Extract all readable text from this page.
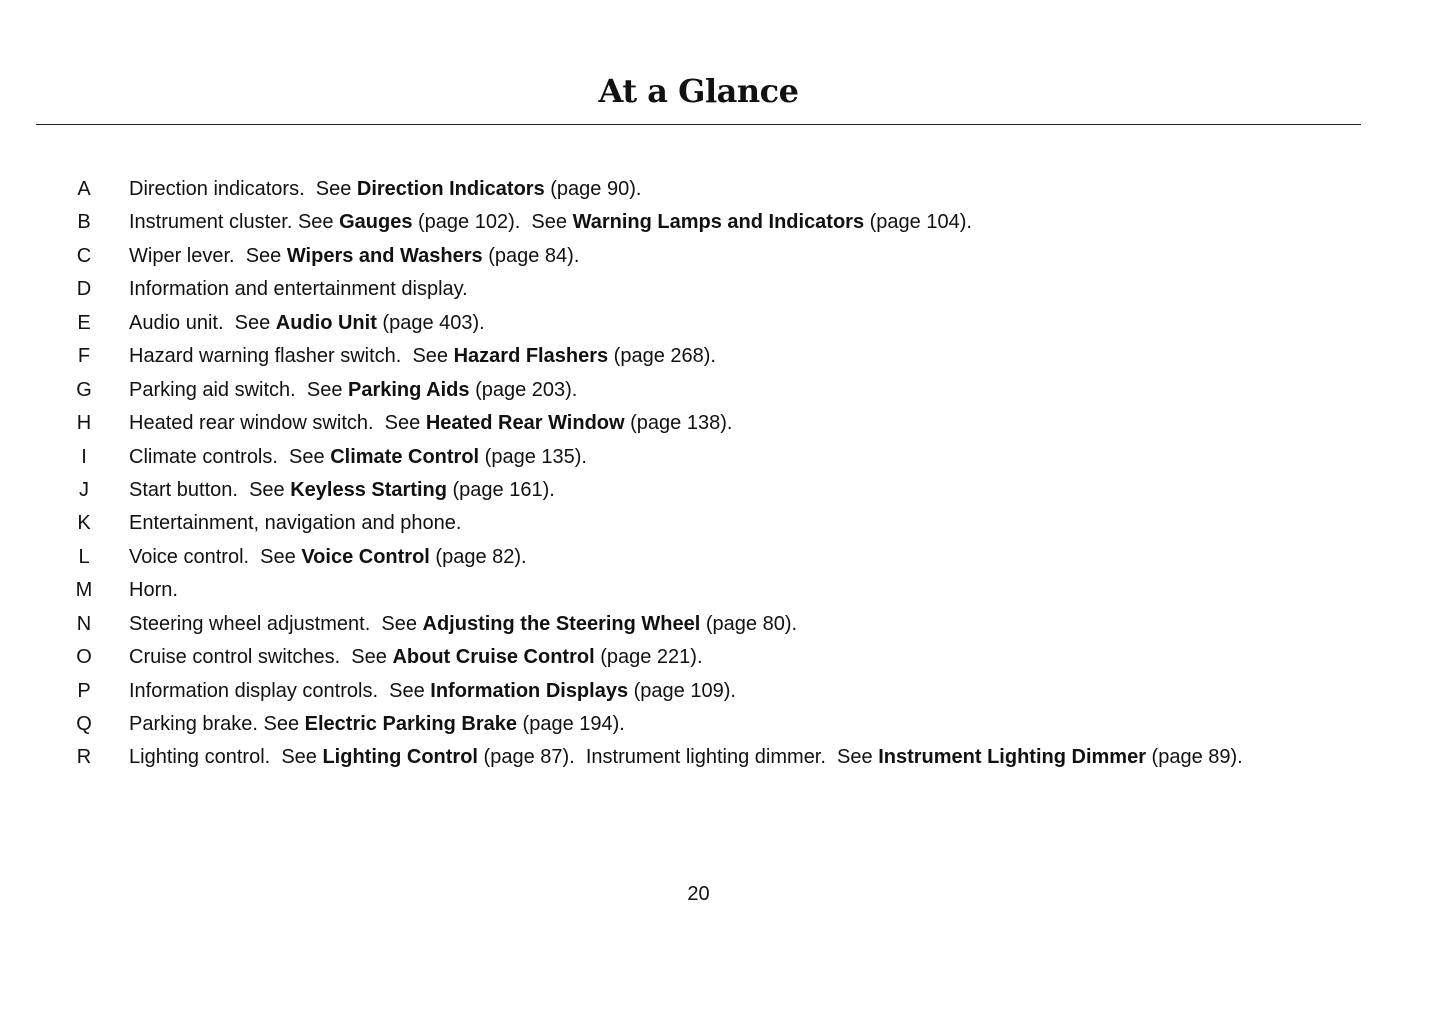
At a Glance
A Direction indicators.  See Direction Indicators (page 90).
B Instrument cluster. See Gauges (page 102).  See Warning Lamps and Indicators (page 104).
C Wiper lever.  See Wipers and Washers (page 84).
D Information and entertainment display.
E Audio unit.  See Audio Unit (page 403).
F Hazard warning flasher switch.  See Hazard Flashers (page 268).
G Parking aid switch.  See Parking Aids (page 203).
H Heated rear window switch.  See Heated Rear Window (page 138).
I	Climate controls.  See Climate Control (page 135).
J Start button.  See Keyless Starting (page 161).
K Entertainment, navigation and phone.
L Voice control.  See Voice Control (page 82).
M Horn.
N Steering wheel adjustment.  See Adjusting the Steering Wheel (page 80).
O Cruise control switches.  See About Cruise Control (page 221).
P Information display controls.  See Information Displays (page 109).
Q Parking brake. See Electric Parking Brake (page 194).
R Lighting control.  See Lighting Control (page 87).  Instrument lighting dimmer.  See Instrument Lighting Dimmer (page 89).
20
